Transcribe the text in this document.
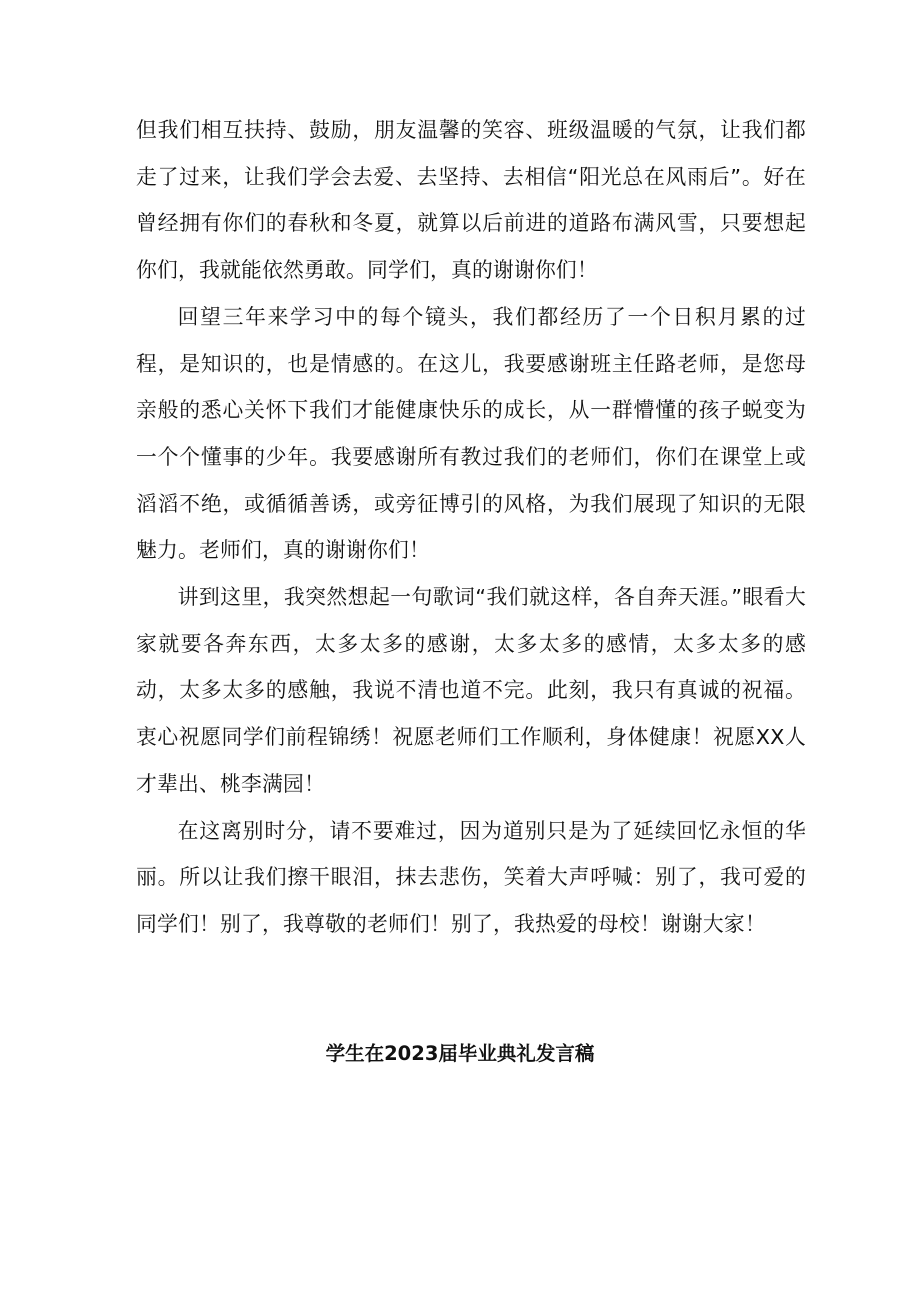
但我们相互扶持、鼓励，朋友温馨的笑容、班级温暖的气氛，让我们都走了过来，让我们学会去爱、去坚持、去相信“阳光总在风雨后”。好在曾经拥有你们的春秋和冬夏，就算以后前进的道路布满风雪，只要想起你们，我就能依然勇敢。同学们，真的谢谢你们！

回望三年来学习中的每个镜头，我们都经历了一个日积月累的过程，是知识的，也是情感的。在这儿，我要感谢班主任路老师，是您母亲般的悉心关怀下我们才能健康快乐的成长，从一群懵懂的孩子蜕变为一个个懂事的少年。我要感谢所有教过我们的老师们，你们在课堂上或滔滔不绝，或循循善诱，或旁征博引的风格，为我们展现了知识的无限魅力。老师们，真的谢谢你们！

讲到这里，我突然想起一句歌词“我们就这样，各自奔天涯。”眼看大家就要各奔东西，太多太多的感谢，太多太多的感情，太多太多的感动，太多太多的感触，我说不清也道不完。此刻，我只有真诚的祝福。衷心祝愿同学们前程锦绣！祝愿老师们工作顺利，身体健康！祝愿XX人才辈出、桃李满园！

在这离别时分，请不要难过，因为道别只是为了延续回忆永恒的华丽。所以让我们擦干眼泪，抹去悲伤，笑着大声呼喊：别了，我可爱的同学们！别了，我尊敬的老师们！别了，我热爱的母校！谢谢大家！

学生在2023届毕业典礼发言稿
